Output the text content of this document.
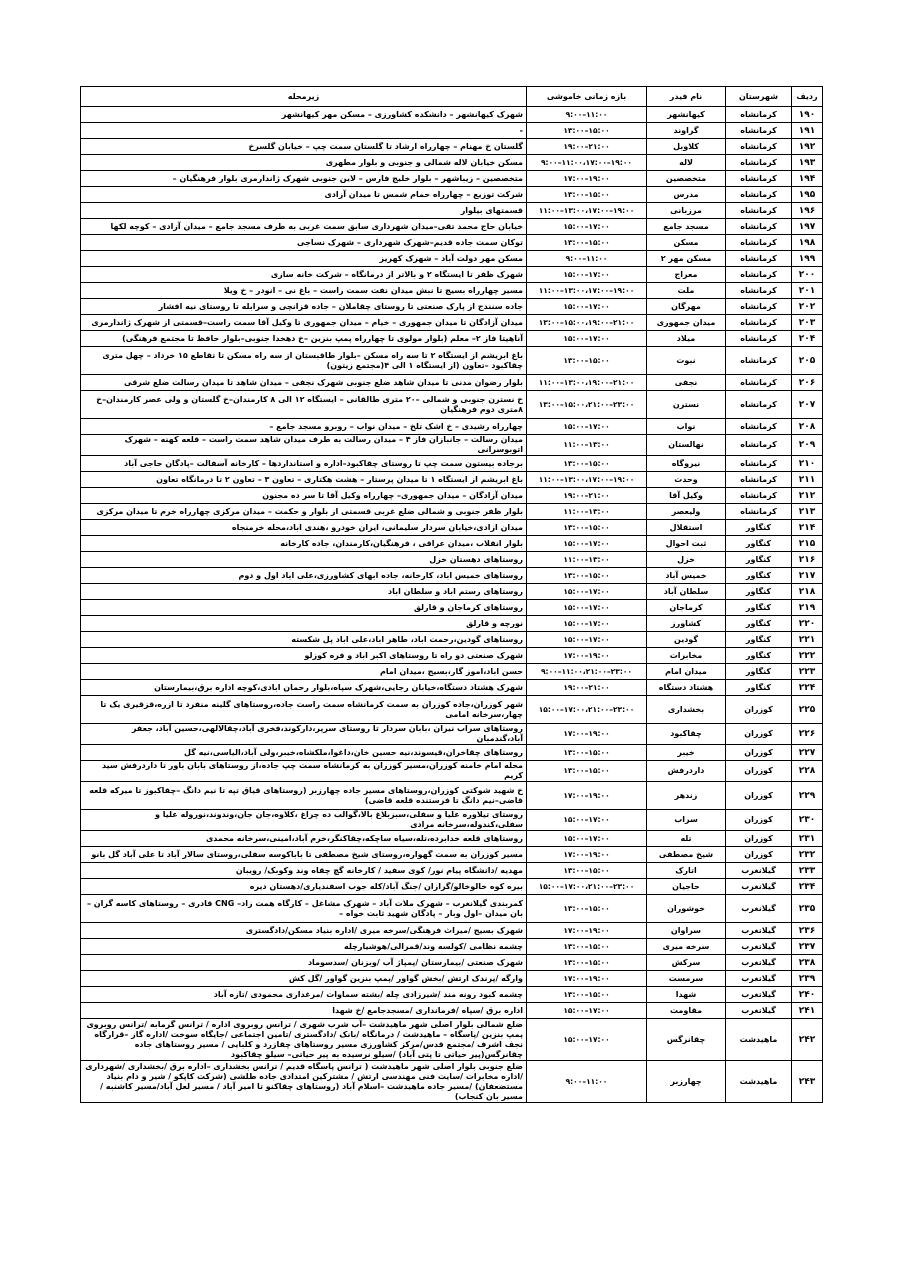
ردیف	شهرستان	نام فیدر	بازه زمانی خاموشی	زیرمحله
۱۹۰	کرمانشاه	کیهانشهر	۹:۰۰–۱۱:۰۰	شهرک کیهانشهر – دانشکده کشاورزی – مسکن مهر کیهانشهر
۱۹۱	کرمانشاه	گراوند	۱۳:۰۰–۱۵:۰۰	-
۱۹۲	کرمانشاه	کلاوبل	۱۹:۰۰–۲۱:۰۰	گلستان خ مهنام – چهارراه ارشاد تا گلستان سمت چپ – خیابان گلسرخ
۱۹۳	کرمانشاه	لاله	۹:۰۰–۱۱:۰۰،۱۷:۰۰–۱۹:۰۰	مسکن خیابان لاله شمالی و جنوبی و بلوار مطهری
۱۹۴	کرمانشاه	متخصصین	۱۷:۰۰–۱۹:۰۰	متخصصین – زیباشهر – بلوار خلیج فارس – لاین جنوبی شهرک ژاندارمری بلوار فرهنگیان –
۱۹۵	کرمانشاه	مدرس	۱۳:۰۰–۱۵:۰۰	شرکت توزیع – چهارراه حمام شمس تا میدان آزادی
۱۹۶	کرمانشاه	مرزبانی	۱۱:۰۰–۱۳:۰۰،۱۷:۰۰–۱۹:۰۰	قسمتهای بیلوار
۱۹۷	کرمانشاه	مسجد جامع	۱۵:۰۰–۱۷:۰۰	خیابان حاج محمد تقی–میدان شهرداری سابق سمت غربی به طرف مسجد جامع – میدان آزادی – کوچه لکها
۱۹۸	کرمانشاه	مسکن	۱۳:۰۰–۱۵:۰۰	توکان سمت جاده قدیم–شهرک شهرداری – شهرک نساجی
۱۹۹	کرمانشاه	مسکن مهر ۲	۹:۰۰–۱۱:۰۰	مسکن مهر دولت آباد – شهرک کهریز
۲۰۰	کرمانشاه	معراج	۱۵:۰۰–۱۷:۰۰	شهرک ظفر تا ایستگاه ۲ و بالاتر از درمانگاه – شرکت خانه سازی
۲۰۱	کرمانشاه	ملت	۱۱:۰۰–۱۳:۰۰،۱۷:۰۰–۱۹:۰۰	مسیر چهارراه بسیج تا نبش میدان نفت سمت راست – باغ نی – انودر – خ ویلا
۲۰۲	کرمانشاه	مهرگان	۱۵:۰۰–۱۷:۰۰	جاده سنندج از پارک صنعتی تا روستای چقاملان – جاده قزانچی و سرابله تا روستای نیه افشار
۲۰۳	کرمانشاه	میدان جمهوری	۱۳:۰۰–۱۵:۰۰،۱۹:۰۰–۲۱:۰۰	میدان آزادگان تا میدان جمهوری – خیام – میدان جمهوری تا وکیل آقا سمت راست–قسمتی از شهرک ژاندارمری
۲۰۴	کرمانشاه	میلاد	۱۵:۰۰–۱۷:۰۰	آناهیتا فاز ۲– معلم (بلوار مولوی تا چهارراه پمپ بنزین –خ دهخدا جنوبی–بلوار حافظ تا مجتمع فرهنگی)
۲۰۵	کرمانشاه	نبوت	۱۳:۰۰–۱۵:۰۰	باغ ابریشم از ایستگاه ۲ تا سه راه مسکن –بلوار طاقبستان از سه راه مسکن تا تقاطع ۱۵ خرداد – چهل متری چقاکبود –تعاون (از ایستگاه ۱ الی ۴(مجتمع زیتون)
۲۰۶	کرمانشاه	نجفی	۱۱:۰۰–۱۳:۰۰،۱۹:۰۰–۲۱:۰۰	بلوار رضوان مدنی تا میدان شاهد ضلع جنوبی شهرک نجفی – میدان شاهد تا میدان رسالت ضلع شرقی
۲۰۷	کرمانشاه	نسترن	۱۳:۰۰–۱۵:۰۰،۲۱:۰۰–۲۳:۰۰	خ نسترن جنوبی و شمالی –۲۰ متری طالقانی – ایستگاه ۱۲ الی ۸ کارمندان–خ گلستان و ولی عصر کارمندان–خ ۸متری دوم فرهنگیان
۲۰۸	کرمانشاه	نواب	۱۵:۰۰–۱۷:۰۰	چهارراه رشیدی – خ اشک تلخ – میدان نواب – روبرو مسجد جامع –
۲۰۹	کرمانشاه	نهالستان	۱۱:۰۰–۱۳:۰۰	میدان رسالت – جانبازان فاز ۴ – میدان رسالت به طرف میدان شاهد سمت راست – قلعه کهنه – شهرک اتوبوسرانی
۲۱۰	کرمانشاه	نیروگاه	۱۳:۰۰–۱۵:۰۰	برجاده بیستون سمت چپ تا روستای چقاکبود–اداره و استانداردها – کارخانه آسفالت –پادگان حاجی آباد
۲۱۱	کرمانشاه	وحدت	۱۱:۰۰–۱۳:۰۰،۱۷:۰۰–۱۹:۰۰	باغ ابریشم از ایستگاه ۱ تا میدان پرستار – هشت هکتاری – تعاون ۳ – تعاون ۲ تا درمانگاه تعاون
۲۱۲	کرمانشاه	وکیل آقا	۱۹:۰۰–۲۱:۰۰	میدان آزادگان – میدان جمهوری– چهارراه وکیل آقا تا سر ده مجنون
۲۱۳	کرمانشاه	ولیعصر	۱۱:۰۰–۱۳:۰۰	بلوار ظفر جنوبی و شمالی ضلع غربی قسمتی از بلوار و حکمت – میدان مرکزی چهارراه خرم تا میدان مرکزی
۲۱۴	کنگاور	استقلال	۱۳:۰۰–۱۵:۰۰	میدان ازادی،خیابان سردار سلیمانی، ایران خودرو ،هندی اباد،محله خرمنجاه
۲۱۵	کنگاور	ثبت احوال	۱۵:۰۰–۱۷:۰۰	بلوار انقلاب ،میدان عراقی ، فرهنگیان،کارمندان، جاده کارخانه
۲۱۶	کنگاور	خزل	۱۱:۰۰–۱۳:۰۰	روستاهای دهستان خزل
۲۱۷	کنگاور	خمیس آباد	۱۳:۰۰–۱۵:۰۰	روستاهای خمیس اباد، کارخانه، جاده ابهای کشاورزی،علی اباد اول و دوم
۲۱۸	کنگاور	سلطان آباد	۱۵:۰۰–۱۷:۰۰	روستاهای رستم اباد و سلطان اباد
۲۱۹	کنگاور	کرماجان	۱۵:۰۰–۱۷:۰۰	روستاهای کرماجان و قارلق
۲۲۰	کنگاور	کشاورز	۱۵:۰۰–۱۷:۰۰	نورچه و قارلق
۲۲۱	کنگاور	گودین	۱۵:۰۰–۱۷:۰۰	روستاهای گودین،رحمت اباد، طاهر اباد،علی اباد پل شکسته
۲۲۲	کنگاور	مخابرات	۱۷:۰۰–۱۹:۰۰	شهرک صنعتی دو راه تا روستاهای اکبر اباد و فره کوزلو
۲۲۳	کنگاور	میدان امام	۹:۰۰–۱۱:۰۰،۲۱:۰۰–۲۳:۰۰	حسن اباد،اموز گار،بسیج ،میدان امام
۲۲۴	کنگاور	هشتاد دستگاه	۱۹:۰۰–۲۱:۰۰	شهرک هشتاد دستگاه،خیابان رجایی،شهرک سپاه،بلوار رحمان ابادی،کوچه اداره برق،بیمارستان
۲۲۵	کوزران	بخشداری	۱۵:۰۰–۱۷:۰۰،۲۱:۰۰–۲۳:۰۰	شهر کوزران،جاده کوزران به سمت کرمانشاه سمت راست جاده،روستاهای گلینه منفرد تا ازره،قزقیری یک تا چهار،سرخانه امامی
۲۲۶	کوزران	چقاکبود	۱۷:۰۰–۱۹:۰۰	روستاهای سراب نیران ،بابان سردار تا روستای سرپر،دارکوند،فخری آباد،چقالالهی،حسین آباد، جعفر آباد،گندمبان
۲۲۷	کوزران	خیبر	۱۳:۰۰–۱۵:۰۰	روستاهای چقاخران،قیسوند،نیه حسین خان،داغوا،ملکشاه،خیبر،ولی آباد،الیاسی،نیه گل
۲۲۸	کوزران	داردرفش	۱۳:۰۰–۱۵:۰۰	محله امام خامنه کوزران،مسیر کوزران به کرمانشاه سمت چپ جاده،از روستاهای بابان باور تا داردرفش سید کریم
۲۲۹	کوزران	زندهر	۱۷:۰۰–۱۹:۰۰	خ شهید شوکتی کوزران،روستاهای مسیر جاده چهارزبر (روستاهای قیاق تپه تا نیم دانگ –چقاکبوز تا میرکه قلعه قاضی–نیم دانگ تا فرستنده قلعه قاضی)
۲۳۰	کوزران	سراب	۱۵:۰۰–۱۷:۰۰	روستای تیلاوره علیا و سفلی،سبزبلاغ بالا،گوالب ده چراغ ،کلاوه،جان جان،وندوند،نوروله علیا و سفلی،کندوله،سرخانه مرادی
۲۳۱	کوزران	تله	۱۵:۰۰–۱۷:۰۰	روستاهای قلعه خدابرده،تله،سیاه ساچکه،چقاکنگر،خرم آباد،امینی،سرخانه محمدی
۲۳۲	کوزران	شیخ مصطفی	۱۷:۰۰–۱۹:۰۰	مسیر کوزران به سمت گهواره،روستای شیخ مصطفی تا باباکوسه سفلی،روستای سالار آباد تا علی آباد گل بانو
۲۳۳	گیلانغرب	اتارک	۱۳:۰۰–۱۵:۰۰	مهدیه /دانشگاه پیام نور/ کوی سفید / کارخانه گچ چقاه وند وکوبک/ رویبان
۲۳۴	گیلانغرب	حاجیان	۱۵:۰۰–۱۷:۰۰،۲۱:۰۰–۲۳:۰۰	بیره کوه خالوخالو/گرازان /جنگ آباد/کله جوب اسفندیاری/دهستان دیره
۲۳۵	گیلانغرب	خوشوران	۱۳:۰۰–۱۵:۰۰	کمربندی گیلانغرب – شهرک ملات آباد – شهرک مشاغل – کارگاه همت زاد– CNG قادری – روستاهای کاسه گران – بان میدان –اول وبار – پادگان شهید ثابت خواه –
۲۳۶	گیلانغرب	سراوان	۱۷:۰۰–۱۹:۰۰	شهرک بسیج /میراث فرهنگی/سرخه میری /اداره بنیاد مسکن/دادگستری
۲۳۷	گیلانغرب	سرخه میری	۱۳:۰۰–۱۵:۰۰	چشمه نظامی /کولسه وند/قمرالی/هوشیارچله
۲۳۸	گیلانغرب	سرکش	۱۳:۰۰–۱۵:۰۰	شهرک صنعتی /بیمارستان /پمپاژ آب /وبزنان /سدسوماد
۲۳۹	گیلانغرب	سرمست	۱۷:۰۰–۱۹:۰۰	وارگه /پرندک ارتش /بخش گواور /پمپ بنزین گواور /گل کش
۲۴۰	گیلانغرب	شهدا	۱۳:۰۰–۱۵:۰۰	چشمه کبود رونه مند /شیرزادی چله /بشته سماوات /مرغداری محمودی /تازه آباد
۲۴۱	گیلانغرب	مقاومت	۱۵:۰۰–۱۷:۰۰	اداره برق /سپاه /فرمانداری /مسجدجامع /خ شهدا
۲۴۲	ماهیدشت	چقانرگس	۱۵:۰۰–۱۷:۰۰	ضلع شمالی بلوار اصلی شهر ماهیدشت –آب شرب شهری / ترانس روبروی اداره / ترانس گرمابه /ترانس روبروی پمپ بنزین /پاسگاه – ماهیدشت / درمانگاه /بانک /دادگستری /تامین اجتماعی /جایگاه سوخت /اداره گاز –قرارگاه نجف اشرف /مجتمع قدس/مرکز کشاورزی مسیر روستاهای چقازرد و کلبایی / مسیر روستاهای جاده چقانرگس(پیر حیاتی تا پتی آباد) /سیلو نرسیده به پیر حیاتی– سیلو چقاکبود
۲۴۳	ماهیدشت	چهارزبر	۹:۰۰–۱۱:۰۰	ضلع جنوبی بلوار اصلی شهر ماهیدشت ( ترانس پاسگاه قدیم / ترانس بخشداری –اداره برق /بخشداری /شهرداری /اداره مخابرات /سایت فنی مهندسی ارتش / مشترکین امتدادی جاده طلشی (شرکت کاپکو / شیر و دام بنیاد مستضعفان) /مسیر جاده ماهیدشت –اسلام آباد (روستاهای چقاکنو تا امیر آباد / مسیر لعل آباد/مسیر کاشنبه /مسیر بان کنجاب)
